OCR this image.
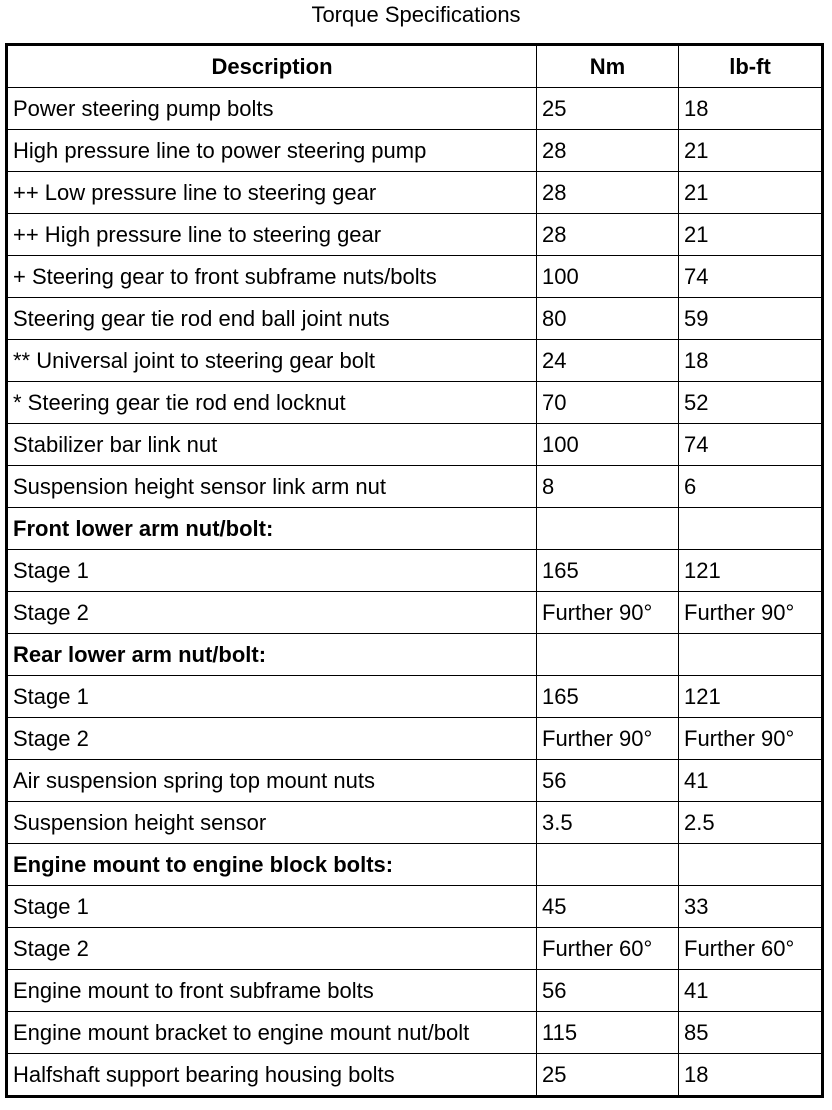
Torque Specifications
Description	Nm	lb-ft
Power steering pump bolts	25	18
High pressure line to power steering pump	28	21
++ Low pressure line to steering gear	28	21
++ High pressure line to steering gear	28	21
+ Steering gear to front subframe nuts/bolts	100	74
Steering gear tie rod end ball joint nuts	80	59
** Universal joint to steering gear bolt	24	18
* Steering gear tie rod end locknut	70	52
Stabilizer bar link nut	100	74
Suspension height sensor link arm nut	8	6
Front lower arm nut/bolt:		
Stage 1	165	121
Stage 2	Further 90°	Further 90°
Rear lower arm nut/bolt:		
Stage 1	165	121
Stage 2	Further 90°	Further 90°
Air suspension spring top mount nuts	56	41
Suspension height sensor	3.5	2.5
Engine mount to engine block bolts:		
Stage 1	45	33
Stage 2	Further 60°	Further 60°
Engine mount to front subframe bolts	56	41
Engine mount bracket to engine mount nut/bolt	115	85
Halfshaft support bearing housing bolts	25	18
